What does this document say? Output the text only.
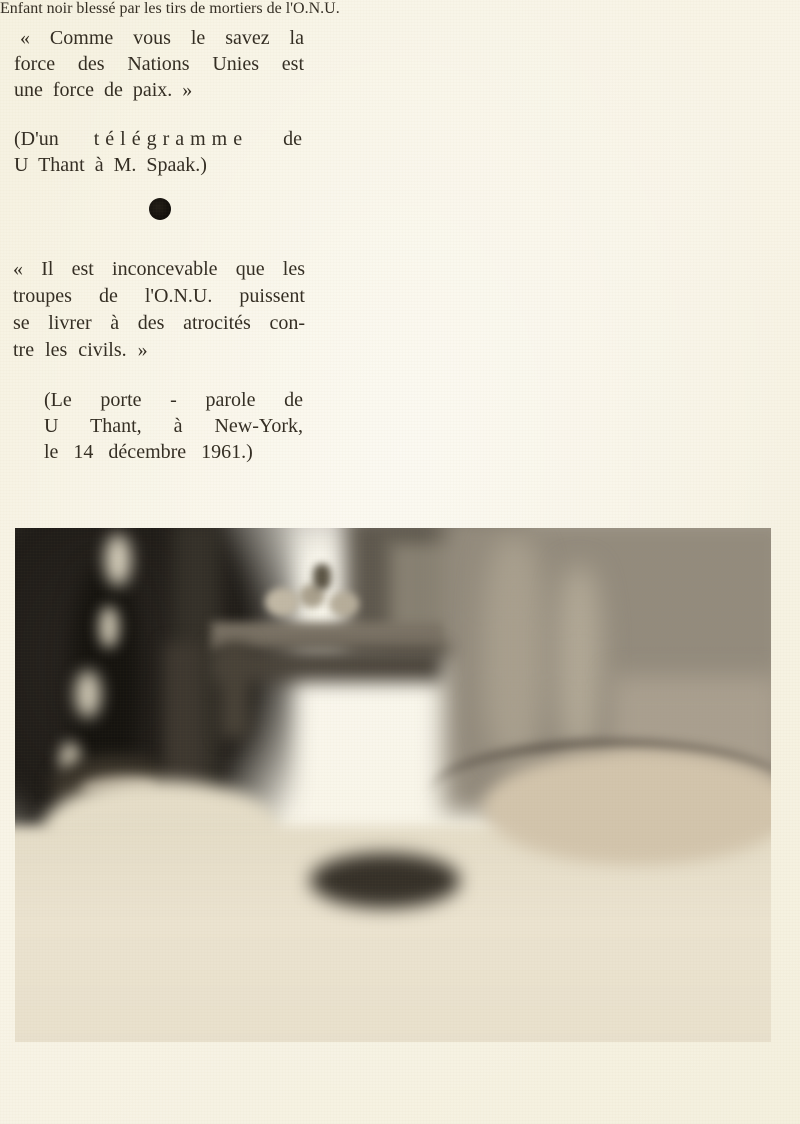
« Comme vous le savez la
force des Nations Unies est
une force de paix. »
(D'un télégramme de
U Thant à M. Spaak.)
« Il est inconcevable que les
troupes de l'O.N.U. puissent
se livrer à des atrocités con-
tre les civils. »
(Le porte - parole de
U Thant, à New-York,
le 14 décembre 1961.)
Enfant noir blessé par les tirs de mortiers de l'O.N.U.
